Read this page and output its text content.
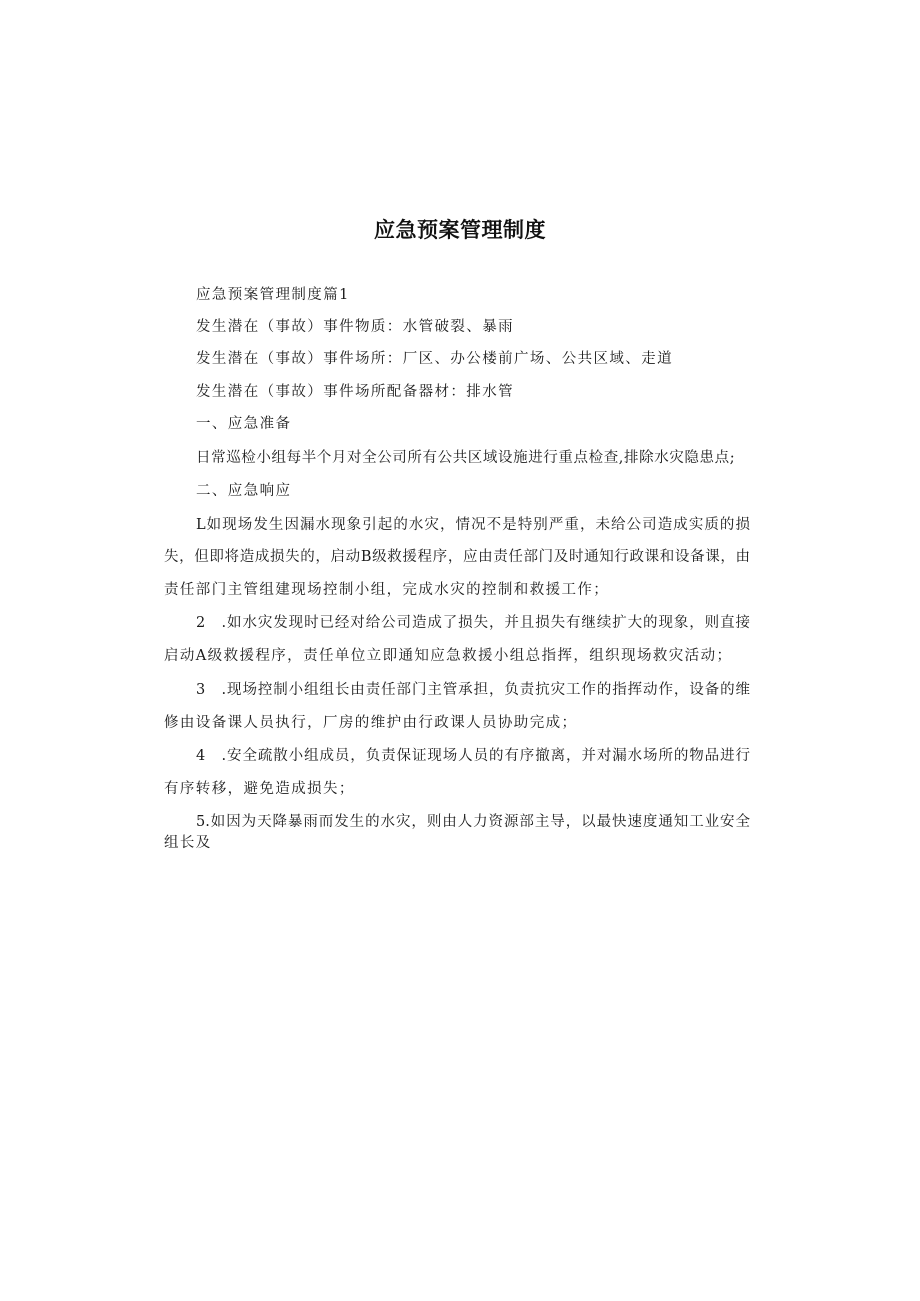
应急预案管理制度
应急预案管理制度篇1
发生潜在（事故）事件物质：水管破裂、暴雨
发生潜在（事故）事件场所：厂区、办公楼前广场、公共区域、走道
发生潜在（事故）事件场所配备器材：排水管
一、应急准备
日常巡检小组每半个月对全公司所有公共区域设施进行重点检查,排除水灾隐患点;
二、应急响应
L如现场发生因漏水现象引起的水灾，情况不是特别严重，未给公司造成实质的损
失，但即将造成损失的，启动B级救援程序，应由责任部门及时通知行政课和设备课，由
责任部门主管组建现场控制小组，完成水灾的控制和救援工作；
2　.如水灾发现时已经对给公司造成了损失，并且损失有继续扩大的现象，则直接
启动A级救援程序，责任单位立即通知应急救援小组总指挥，组织现场救灾活动；
3　.现场控制小组组长由责任部门主管承担，负责抗灾工作的指挥动作，设备的维
修由设备课人员执行，厂房的维护由行政课人员协助完成；
4　.安全疏散小组成员，负责保证现场人员的有序撤离，并对漏水场所的物品进行
有序转移，避免造成损失；
5.如因为天降暴雨而发生的水灾，则由人力资源部主导，以最快速度通知工业安全
组长及
